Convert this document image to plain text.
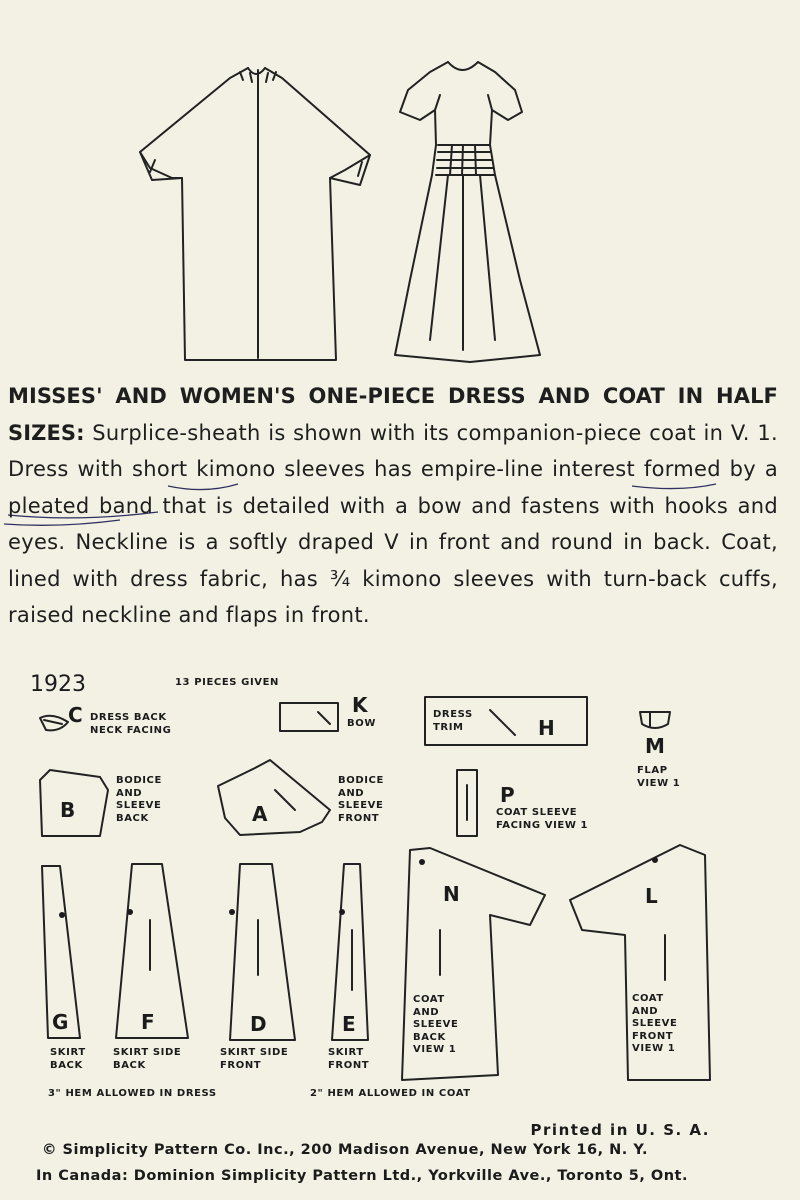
MISSES' AND WOMEN'S ONE-PIECE DRESS AND COAT IN HALF SIZES: Surplice-sheath is shown with its companion-piece coat in V. 1. Dress with short kimono sleeves has empire-line interest formed by a pleated band that is detailed with a bow and fastens with hooks and eyes. Neckline is a softly draped V in front and round in back. Coat, lined with dress fabric, has ¾ kimono sleeves with turn-back cuffs, raised neckline and flaps in front.
1923	13 PIECES GIVEN
C DRESS BACK
NECK FACING
K
BOW
DRESS
TRIM	H
M
FLAP
VIEW 1
B
BODICE
AND
SLEEVE
BACK	A
BODICE
AND
SLEEVE
FRONT
P
COAT SLEEVE
FACING VIEW 1
G
SKIRT
BACK
F
SKIRT SIDE
BACK
D
SKIRT SIDE
FRONT
E
SKIRT
FRONT
N
COAT
AND
SLEEVE
BACK
VIEW 1
L
COAT
AND
SLEEVE
FRONT
VIEW 1
3" HEM ALLOWED IN DRESS	2" HEM ALLOWED IN COAT
Printed in U. S. A.
© Simplicity Pattern Co. Inc., 200 Madison Avenue, New York 16, N. Y.
In Canada: Dominion Simplicity Pattern Ltd., Yorkville Ave., Toronto 5, Ont.
